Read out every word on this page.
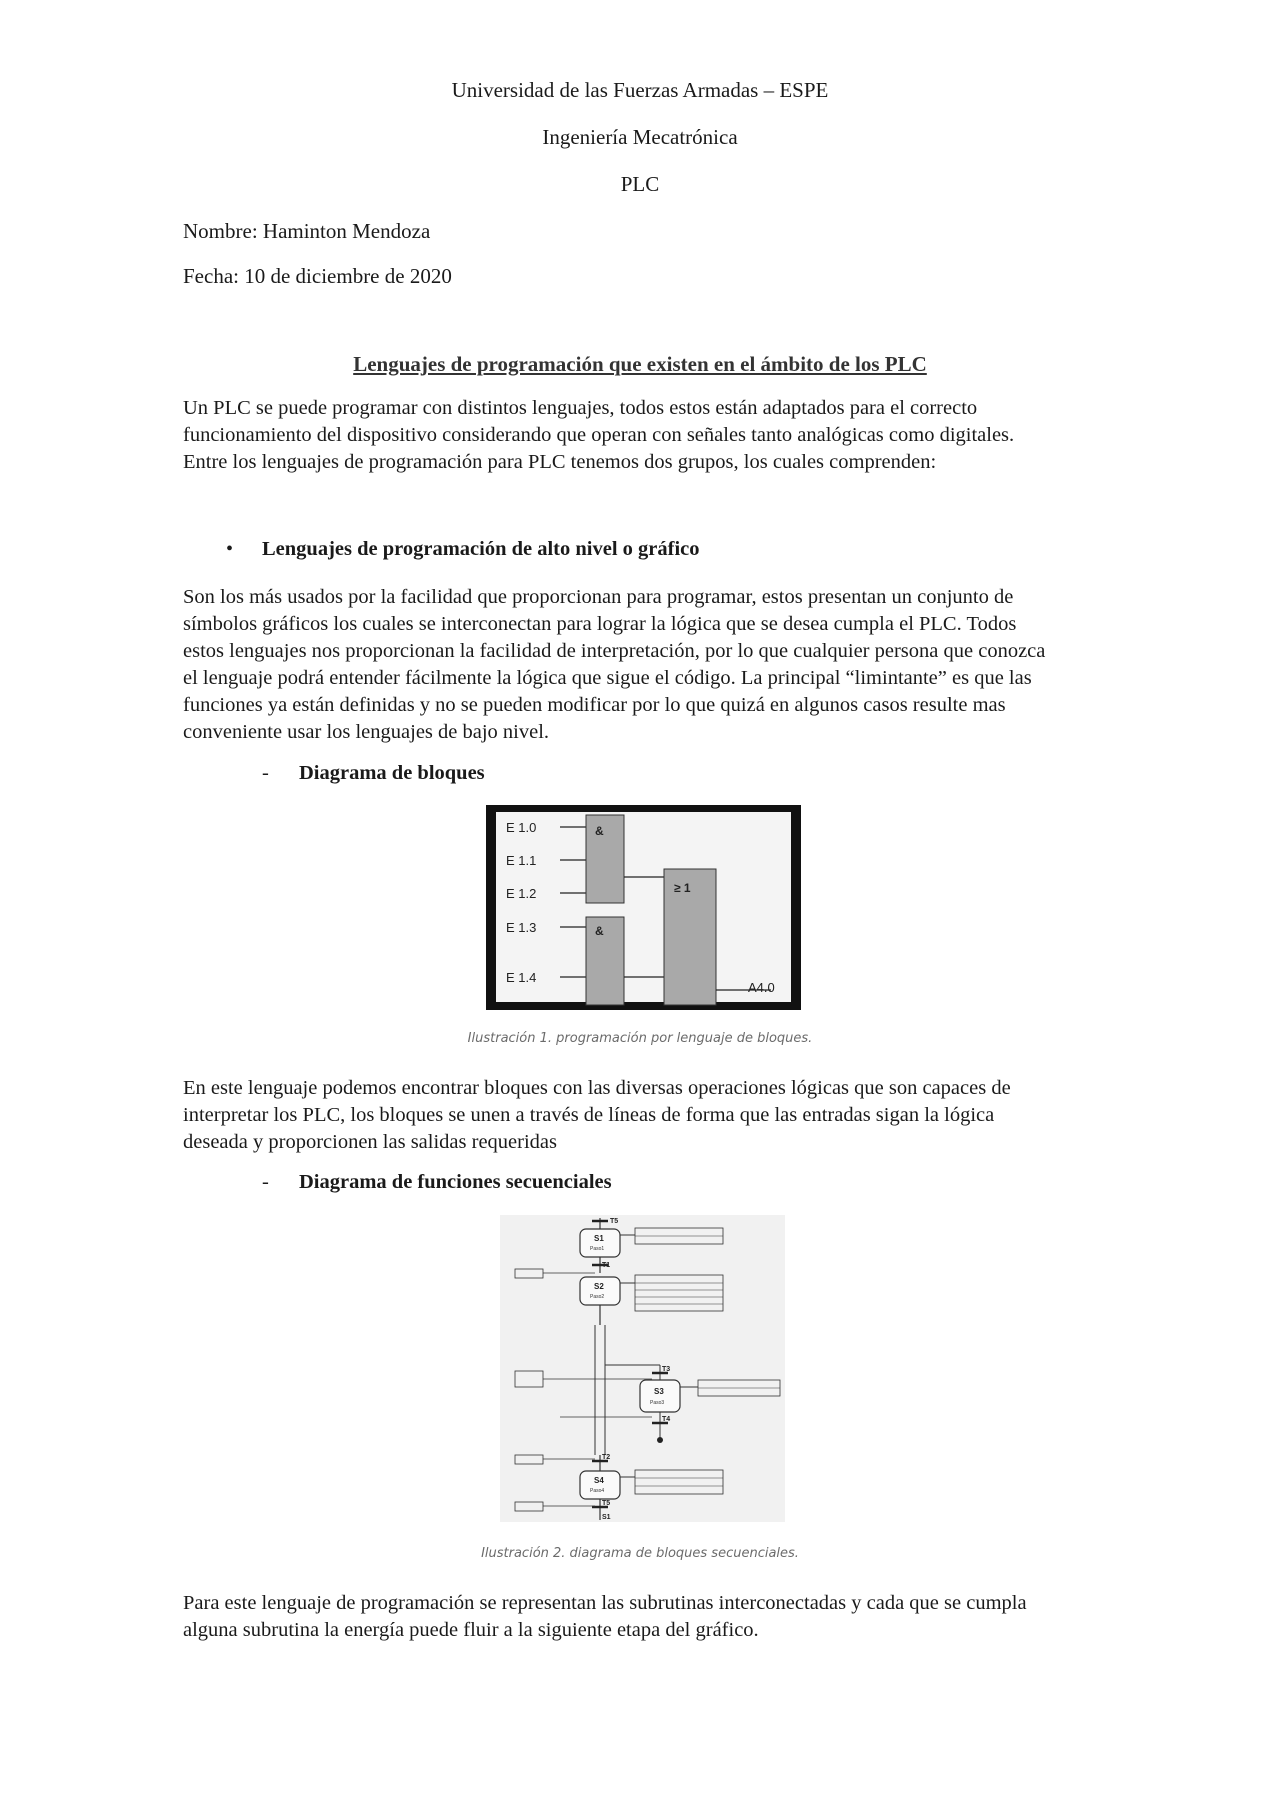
Universidad de las Fuerzas Armadas – ESPE
Ingeniería Mecatrónica
PLC
Nombre: Haminton Mendoza
Fecha: 10 de diciembre de 2020
Lenguajes de programación que existen en el ámbito de los PLC
Un PLC se puede programar con distintos lenguajes, todos estos están adaptados para el correcto
funcionamiento del dispositivo considerando que operan con señales tanto analógicas como digitales.
Entre los lenguajes de programación para PLC tenemos dos grupos, los cuales comprenden:
• Lenguajes de programación de alto nivel o gráfico
Son los más usados por la facilidad que proporcionan para programar, estos presentan un conjunto de
símbolos gráficos los cuales se interconectan para lograr la lógica que se desea cumpla el PLC. Todos
estos lenguajes nos proporcionan la facilidad de interpretación, por lo que cualquier persona que conozca
el lenguaje podrá entender fácilmente la lógica que sigue el código. La principal “limintante” es que las
funciones ya están definidas y no se pueden modificar por lo que quizá en algunos casos resulte mas
conveniente usar los lenguajes de bajo nivel.
- Diagrama de bloques
E 1.0
E 1.1
E 1.2
E 1.3
E 1.4
&
&
≥ 1
A4.0
Ilustración 1. programación por lenguaje de bloques.
En este lenguaje podemos encontrar bloques con las diversas operaciones lógicas que son capaces de
interpretar los PLC, los bloques se unen a través de líneas de forma que las entradas sigan la lógica
deseada y proporcionen las salidas requeridas
- Diagrama de funciones secuenciales
S1
Paso1
S2
Paso2
S3
Paso3
S4
Paso4
T5
T1
T3
T4
T2
T5
S1
Ilustración 2. diagrama de bloques secuenciales.
Para este lenguaje de programación se representan las subrutinas interconectadas y cada que se cumpla
alguna subrutina la energía puede fluir a la siguiente etapa del gráfico.
